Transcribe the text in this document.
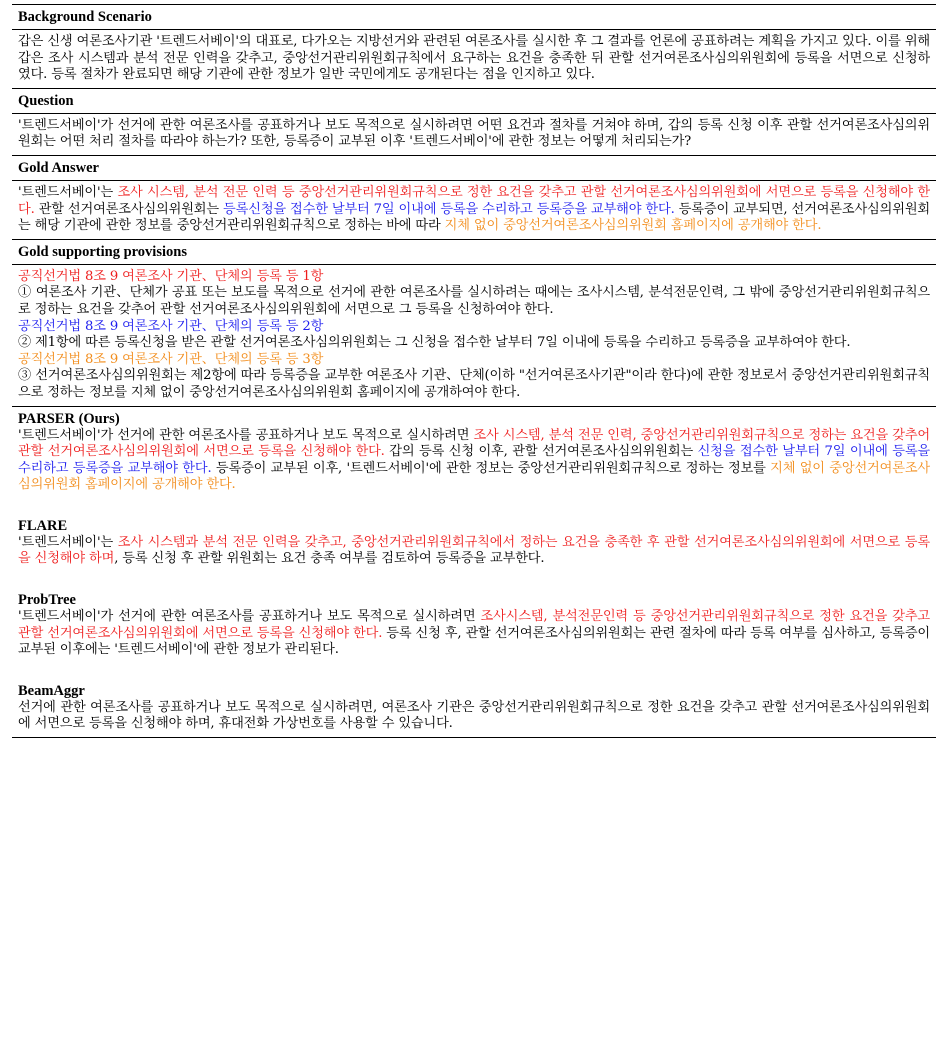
Background Scenario
갑은 신생 여론조사기관 '트렌드서베이'의 대표로, 다가오는 지방선거와 관련된 여론조사를 실시한 후 그 결과를 언론에 공표하려는 계획을 가지고 있다. 이를 위해 갑은 조사 시스템과 분석 전문 인력을 갖추고, 중앙선거관리위원회규칙에서 요구하는 요건을 충족한 뒤 관할 선거여론조사심의위원회에 등록을 서면으로 신청하였다. 등록 절차가 완료되면 해당 기관에 관한 정보가 일반 국민에게도 공개된다는 점을 인지하고 있다.
Question
'트렌드서베이'가 선거에 관한 여론조사를 공표하거나 보도 목적으로 실시하려면 어떤 요건과 절차를 거쳐야 하며, 갑의 등록 신청 이후 관할 선거여론조사심의위원회는 어떤 처리 절차를 따라야 하는가? 또한, 등록증이 교부된 이후 '트렌드서베이'에 관한 정보는 어떻게 처리되는가?
Gold Answer
'트렌드서베이'는 조사 시스템, 분석 전문 인력 등 중앙선거관리위원회규칙으로 정한 요건을 갖추고 관할 선거여론조사심의위원회에 서면으로 등록을 신청해야 한다. 관할 선거여론조사심의위원회는 등록신청을 접수한 날부터 7일 이내에 등록을 수리하고 등록증을 교부해야 한다. 등록증이 교부되면, 선거여론조사심의위원회는 해당 기관에 관한 정보를 중앙선거관리위원회규칙으로 정하는 바에 따라 지체 없이 중앙선거여론조사심의위원회 홈페이지에 공개해야 한다.
Gold supporting provisions
공직선거법 8조 9 여론조사 기관、단체의 등록 등 1항
① 여론조사 기관、단체가 공표 또는 보도를 목적으로 선거에 관한 여론조사를 실시하려는 때에는 조사시스템, 분석전문인력, 그 밖에 중앙선거관리위원회규칙으로 정하는 요건을 갖추어 관할 선거여론조사심의위원회에 서면으로 그 등록을 신청하여야 한다.
공직선거법 8조 9 여론조사 기관、단체의 등록 등 2항
② 제1항에 따른 등록신청을 받은 관할 선거여론조사심의위원회는 그 신청을 접수한 날부터 7일 이내에 등록을 수리하고 등록증을 교부하여야 한다.
공직선거법 8조 9 여론조사 기관、단체의 등록 등 3항
③ 선거여론조사심의위원회는 제2항에 따라 등록증을 교부한 여론조사 기관、단체(이하 "선거여론조사기관"이라 한다)에 관한 정보로서 중앙선거관리위원회규칙으로 정하는 정보를 지체 없이 중앙선거여론조사심의위원회 홈페이지에 공개하여야 한다.
PARSER (Ours)
'트렌드서베이'가 선거에 관한 여론조사를 공표하거나 보도 목적으로 실시하려면 조사 시스템, 분석 전문 인력, 중앙선거관리위원회규칙으로 정하는 요건을 갖추어 관할 선거여론조사심의위원회에 서면으로 등록을 신청해야 한다. 갑의 등록 신청 이후, 관할 선거여론조사심의위원회는 신청을 접수한 날부터 7일 이내에 등록을 수리하고 등록증을 교부해야 한다. 등록증이 교부된 이후, '트렌드서베이'에 관한 정보는 중앙선거관리위원회규칙으로 정하는 정보를 지체 없이 중앙선거여론조사심의위원회 홈페이지에 공개해야 한다.
FLARE
'트렌드서베이'는 조사 시스템과 분석 전문 인력을 갖추고, 중앙선거관리위원회규칙에서 정하는 요건을 충족한 후 관할 선거여론조사심의위원회에 서면으로 등록을 신청해야 하며, 등록 신청 후 관할 위원회는 요건 충족 여부를 검토하여 등록증을 교부한다.
ProbTree
'트렌드서베이'가 선거에 관한 여론조사를 공표하거나 보도 목적으로 실시하려면 조사시스템, 분석전문인력 등 중앙선거관리위원회규칙으로 정한 요건을 갖추고 관할 선거여론조사심의위원회에 서면으로 등록을 신청해야 한다. 등록 신청 후, 관할 선거여론조사심의위원회는 관련 절차에 따라 등록 여부를 심사하고, 등록증이 교부된 이후에는 '트렌드서베이'에 관한 정보가 관리된다.
BeamAggr
선거에 관한 여론조사를 공표하거나 보도 목적으로 실시하려면, 여론조사 기관은 중앙선거관리위원회규칙으로 정한 요건을 갖추고 관할 선거여론조사심의위원회에 서면으로 등록을 신청해야 하며, 휴대전화 가상번호를 사용할 수 있습니다.
